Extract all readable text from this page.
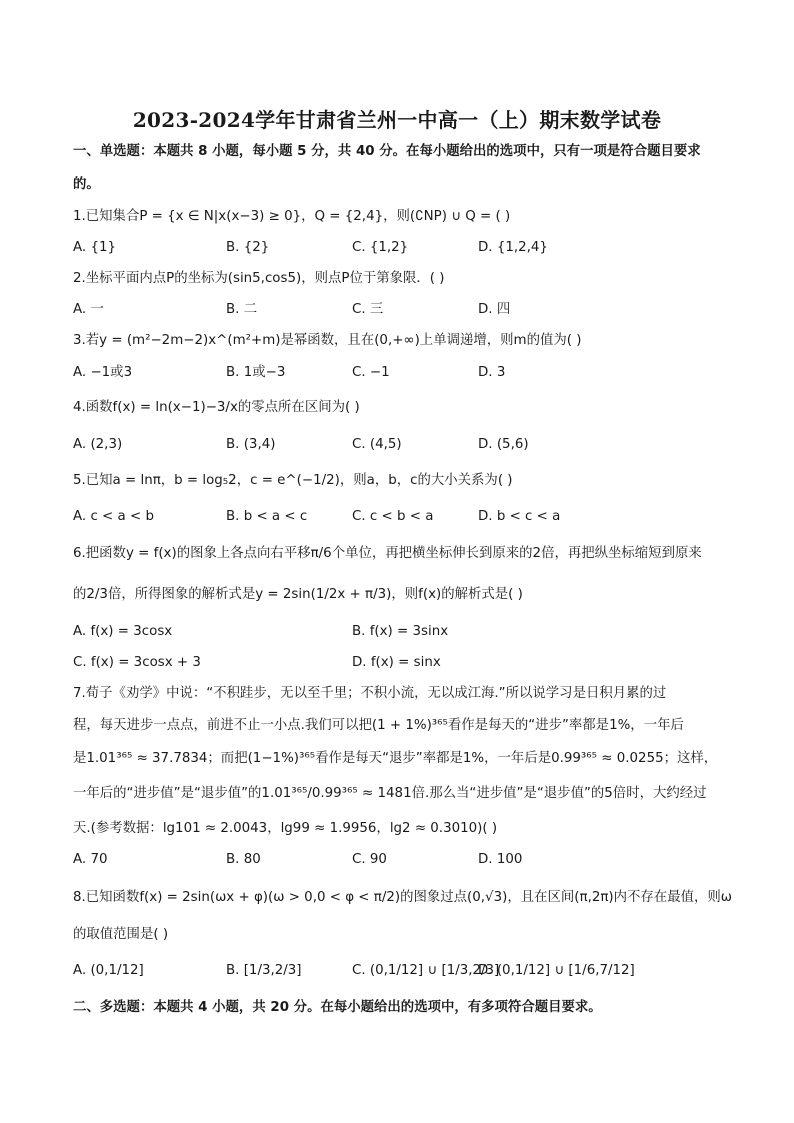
2023-2024学年甘肃省兰州一中高一（上）期末数学试卷
一、单选题：本题共 8 小题，每小题 5 分，共 40 分。在每小题给出的选项中，只有一项是符合题目要求
的。
1.已知集合P = {x ∈ N|x(x−3) ≥ 0}，Q = {2,4}，则(∁NP) ∪ Q = ( )
A. {1}	B. {2}	C. {1,2}	D. {1,2,4}
2.坐标平面内点P的坐标为(sin5,cos5)，则点P位于第象限．( )
A. 一	B. 二	C. 三	D. 四
3.若y = (m²−2m−2)x^(m²+m)是幂函数，且在(0,+∞)上单调递增，则m的值为( )
A. −1或3	B. 1或−3	C. −1	D. 3
4.函数f(x) = ln(x−1)−3/x的零点所在区间为( )
A. (2,3)	B. (3,4)	C. (4,5)	D. (5,6)
5.已知a = lnπ，b = log₅2，c = e^(−1/2)，则a，b，c的大小关系为( )
A. c < a < b	B. b < a < c	C. c < b < a	D. b < c < a
6.把函数y = f(x)的图象上各点向右平移π/6个单位，再把横坐标伸长到原来的2倍，再把纵坐标缩短到原来
的2/3倍，所得图象的解析式是y = 2sin(1/2x + π/3)，则f(x)的解析式是( )
A. f(x) = 3cosx	B. f(x) = 3sinx
C. f(x) = 3cosx + 3	D. f(x) = sinx
7.荀子《劝学》中说：“不积跬步，无以至千里；不积小流，无以成江海.”所以说学习是日积月累的过
程，每天进步一点点，前进不止一小点.我们可以把(1 + 1%)³⁶⁵看作是每天的“进步”率都是1%，一年后
是1.01³⁶⁵ ≈ 37.7834；而把(1−1%)³⁶⁵看作是每天“退步”率都是1%，一年后是0.99³⁶⁵ ≈ 0.0255；这样，
一年后的“进步值”是“退步值”的1.01³⁶⁵/0.99³⁶⁵ ≈ 1481倍.那么当“进步值”是“退步值”的5倍时，大约经过
天.(参考数据：lg101 ≈ 2.0043，lg99 ≈ 1.9956，lg2 ≈ 0.3010)( )
A. 70	B. 80	C. 90	D. 100
8.已知函数f(x) = 2sin(ωx + φ)(ω > 0,0 < φ < π/2)的图象过点(0,√3)，且在区间(π,2π)内不存在最值，则ω
的取值范围是( )
A. (0,1/12]	B. [1/3,2/3]	C. (0,1/12] ∪ [1/3,2/3]
D. (0,1/12] ∪ [1/6,7/12]
二、多选题：本题共 4 小题，共 20 分。在每小题给出的选项中，有多项符合题目要求。
